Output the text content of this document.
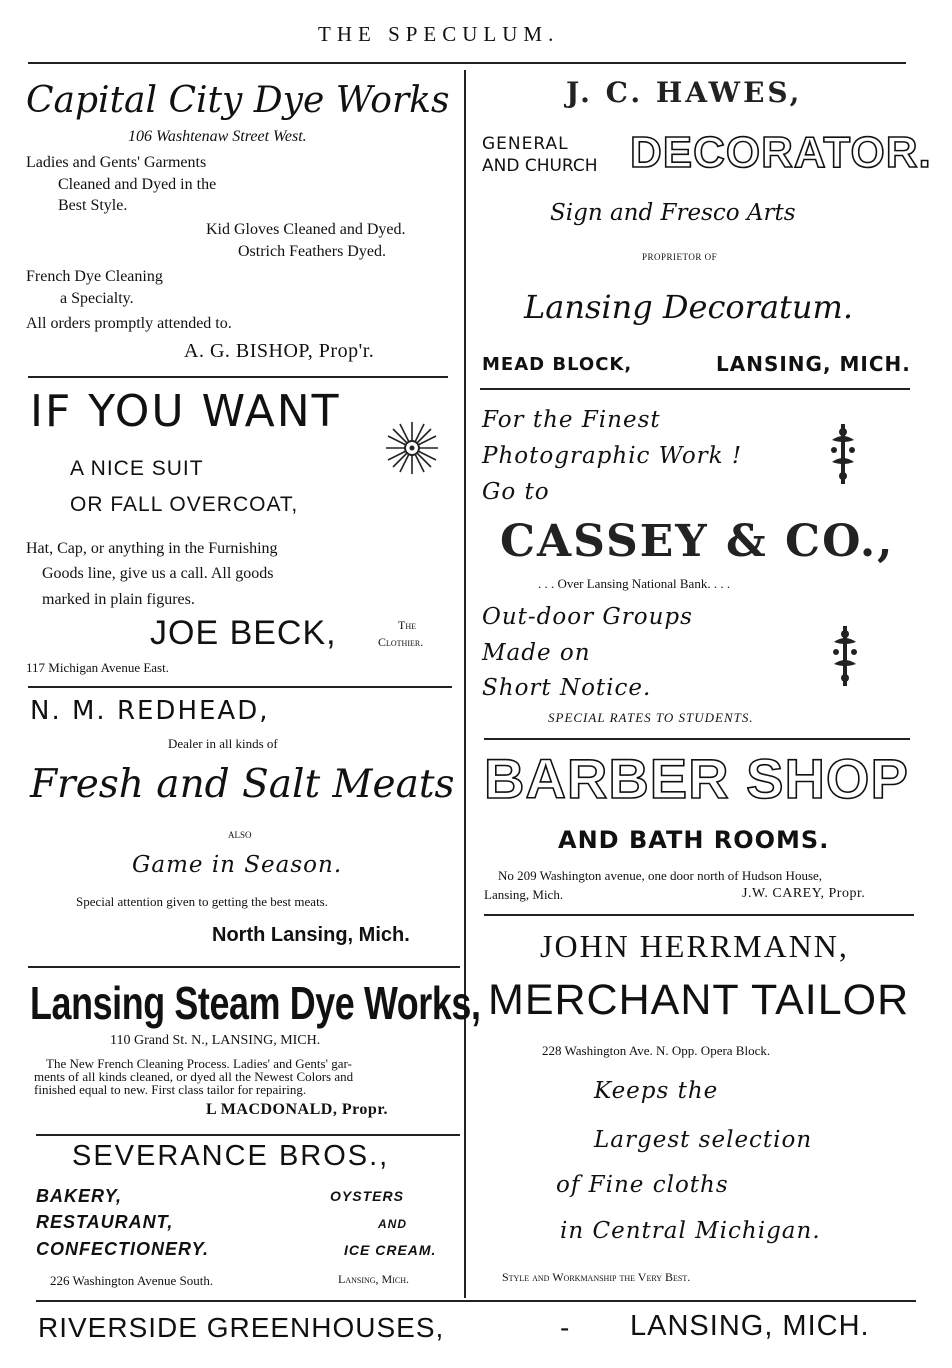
THE SPECULUM.
Capital City Dye Works
106 Washtenaw Street West.
Ladies and Gents' Garments
Cleaned and Dyed in the
Best Style.
Kid Gloves Cleaned and Dyed.
Ostrich Feathers Dyed.
French Dye Cleaning
a Specialty.
All orders promptly attended to.
A. G. BISHOP, Prop'r.
IF YOU WANT
A NICE SUIT
OR FALL OVERCOAT,
Hat, Cap, or anything in the Furnishing
Goods line, give us a call. All goods
marked in plain figures.
JOE BECK,	The
Clothier.
117 Michigan Avenue East.
N. M. REDHEAD,
Dealer in all kinds of
Fresh and Salt Meats
ALSO
Game in Season.
Special attention given to getting the best meats.
North Lansing, Mich.
Lansing Steam Dye Works,
110 Grand St. N., LANSING, MICH.
The New French Cleaning Process. Ladies' and Gents' gar-
ments of all kinds cleaned, or dyed all the Newest Colors and
finished equal to new. First class tailor for repairing.
L MACDONALD, Propr.
SEVERANCE BROS.,
BAKERY,
RESTAURANT,
CONFECTIONERY.
OYSTERS
AND
ICE CREAM.
226 Washington Avenue South.	Lansing, Mich.
J. C. HAWES,
GENERAL
AND CHURCH DECORATOR.
Sign and Fresco Arts
PROPRIETOR OF
Lansing Decoratum.
MEAD BLOCK,	LANSING, MICH.
For the Finest
Photographic Work !
Go to
CASSEY & CO.,
. . . Over Lansing National Bank. . . .
Out-door Groups
Made on
Short Notice.
SPECIAL RATES TO STUDENTS.
BARBER SHOP
AND BATH ROOMS.
No 209 Washington avenue, one door north of Hudson House,
Lansing, Mich.	J.W. CAREY, Propr.
JOHN HERRMANN,
MERCHANT TAILOR
228 Washington Ave. N. Opp. Opera Block.
Keeps the
Largest selection
of Fine cloths
in Central Michigan.
Style and Workmanship the Very Best.
RIVERSIDE GREENHOUSES,	- LANSING, MICH.
